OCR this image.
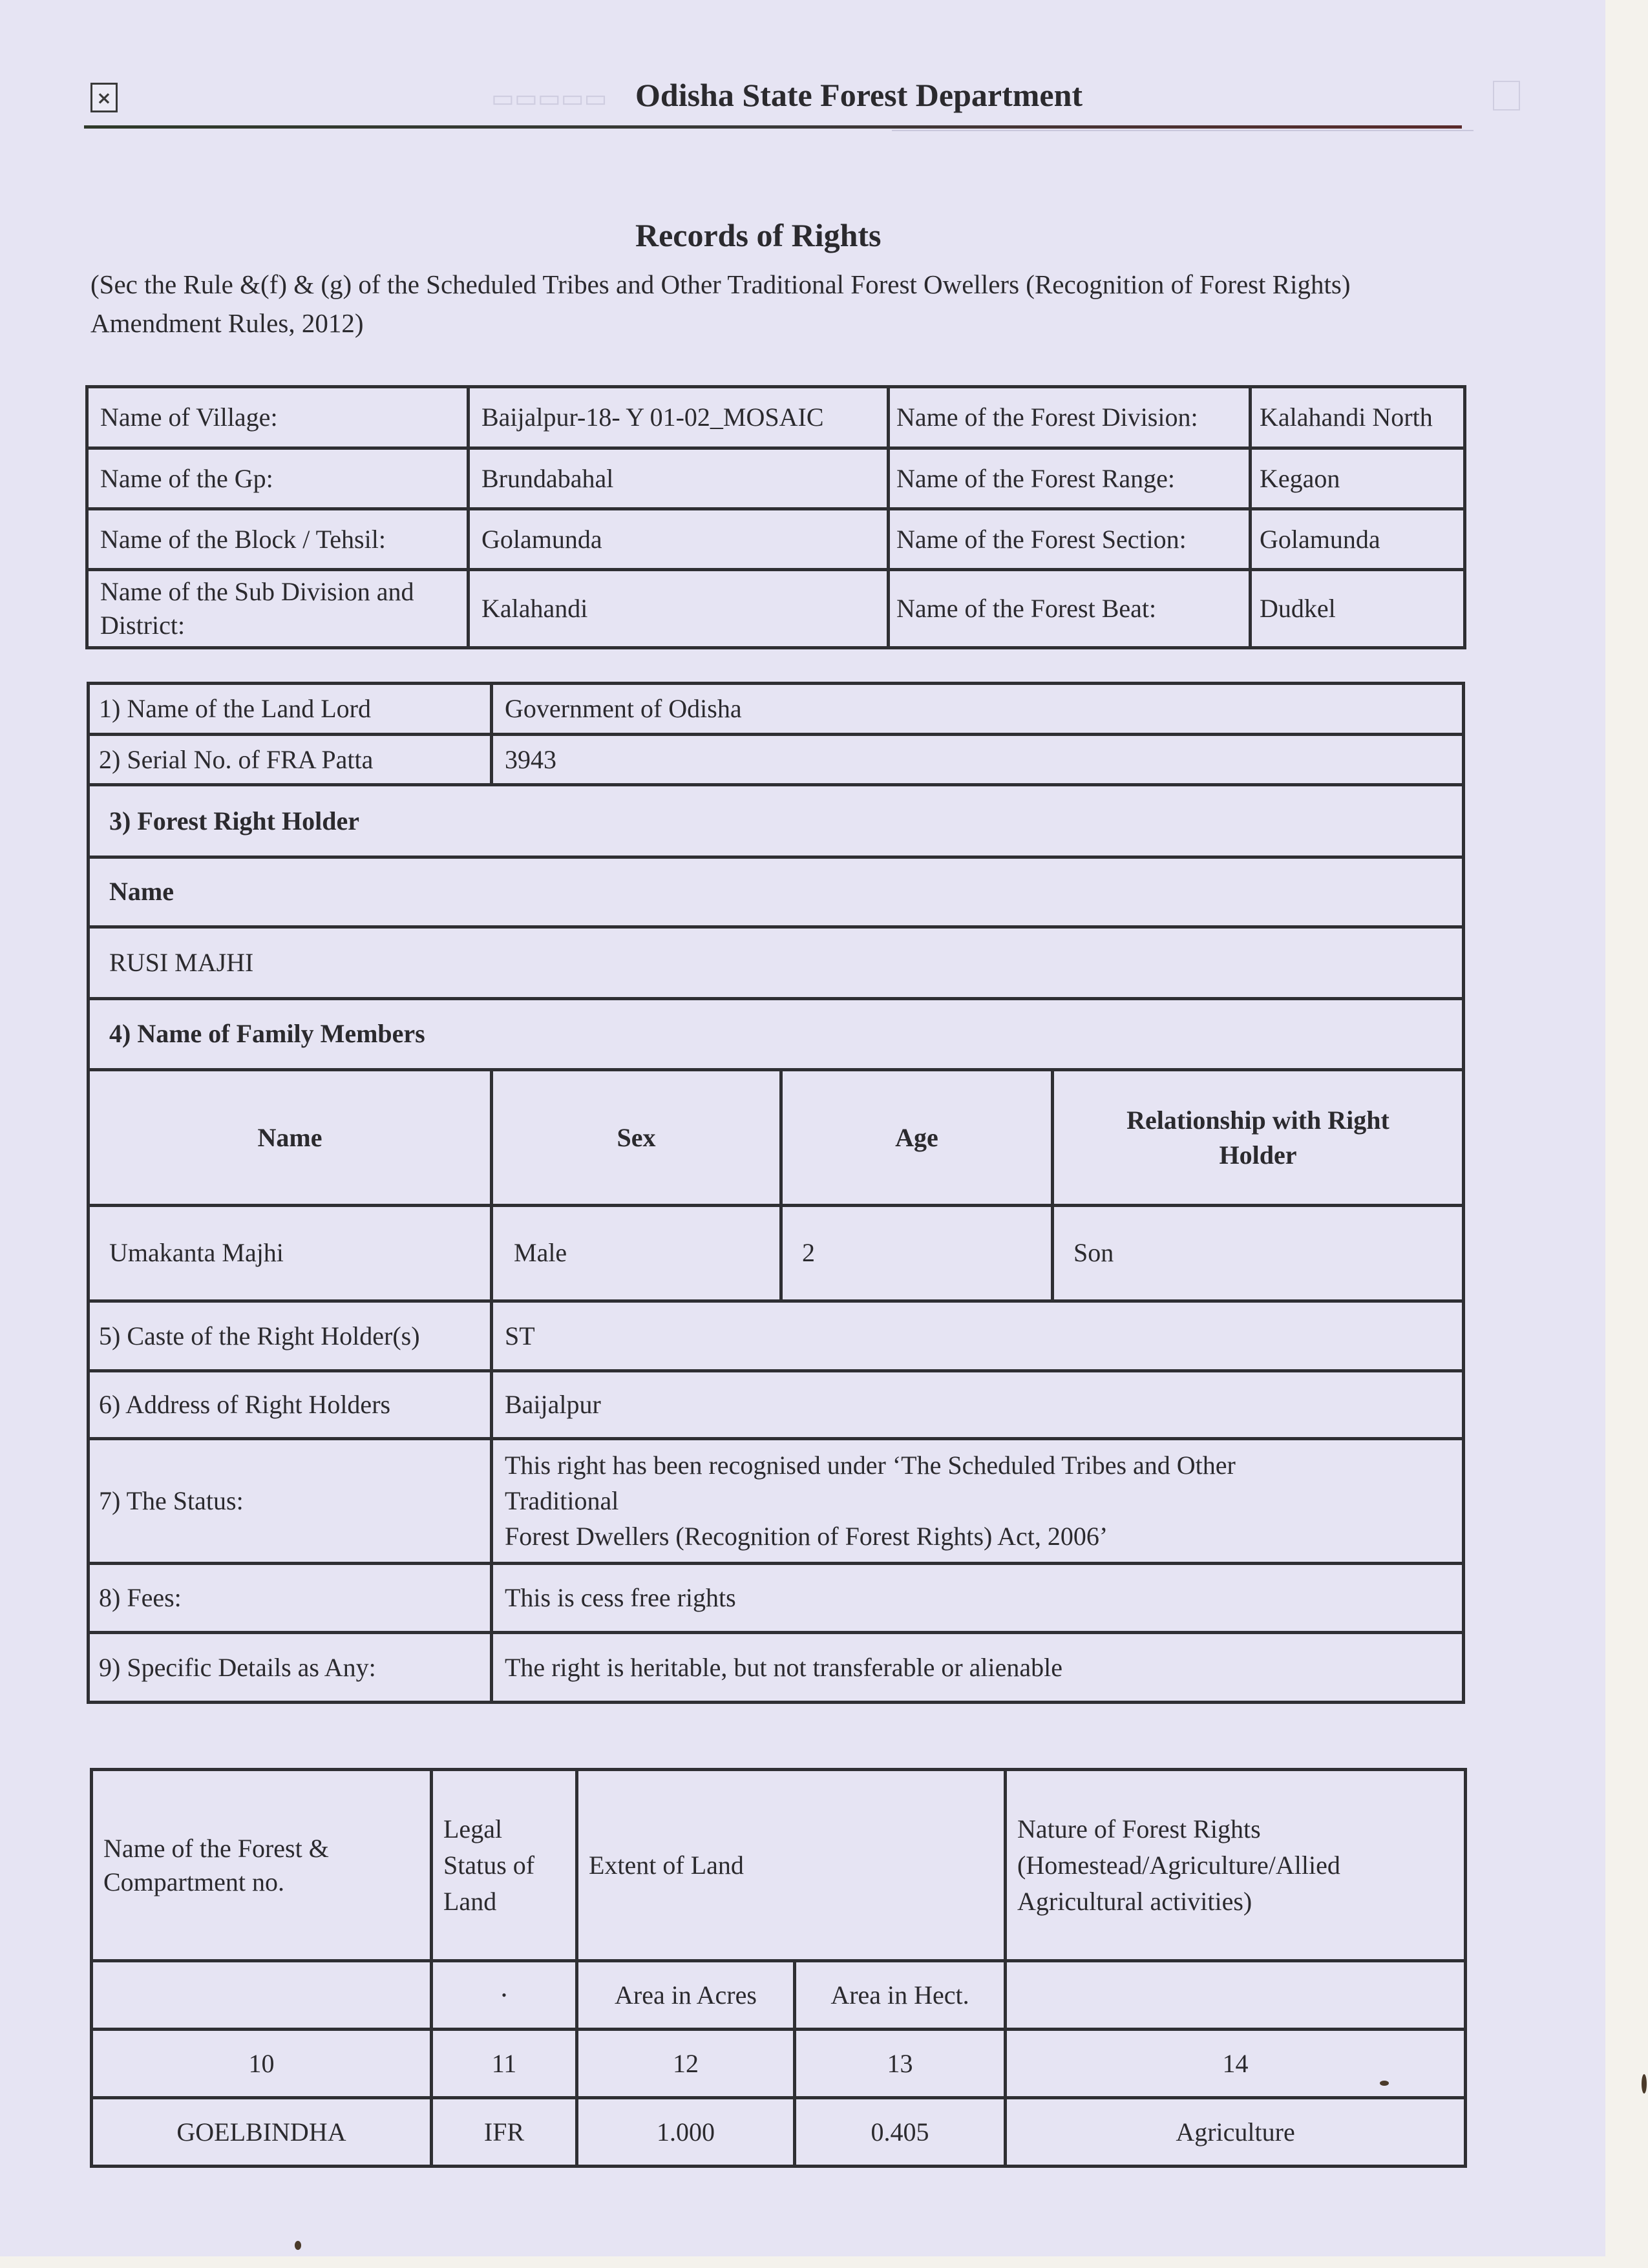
▭▭▭▭▭
×	Odisha State Forest Department
Records of Rights
(Sec the Rule &(f) & (g) of the Scheduled Tribes and Other Traditional Forest Owellers (Recognition of Forest Rights) Amendment Rules, 2012)
Name of Village:	Baijalpur-18- Y 01-02_MOSAIC	Name of the Forest Division:	Kalahandi North
Name of the Gp:	Brundabahal	Name of the Forest Range:	Kegaon
Name of the Block / Tehsil:	Golamunda	Name of the Forest Section:	Golamunda
Name of the Sub Division and District:	Kalahandi	Name of the Forest Beat:	Dudkel
1) Name of the Land Lord	Government of Odisha		
2) Serial No. of FRA Patta	3943		
3) Forest Right Holder			
Name			
RUSI MAJHI			
4) Name of Family Members			
Name	Sex	Age	Relationship with Right Holder
Umakanta Majhi	Male	2	Son
5) Caste of the Right Holder(s)	ST		
6) Address of Right Holders	Baijalpur		
7) The Status:	This right has been recognised under ‘The Scheduled Tribes and Other
Traditional
Forest Dwellers (Recognition of Forest Rights) Act, 2006’		

8) Fees:	This is cess free rights		
9) Specific Details as Any:	The right is heritable, but not transferable or alienable		
Name of the Forest & Compartment no.	Legal Status of Land	Extent of Land		Nature of Forest Rights (Homestead/Agriculture/Allied Agricultural activities)
	•	Area in Acres	Area in Hect.	
10	11	12	13	14
GOELBINDHA	IFR	1.000	0.405	Agriculture
